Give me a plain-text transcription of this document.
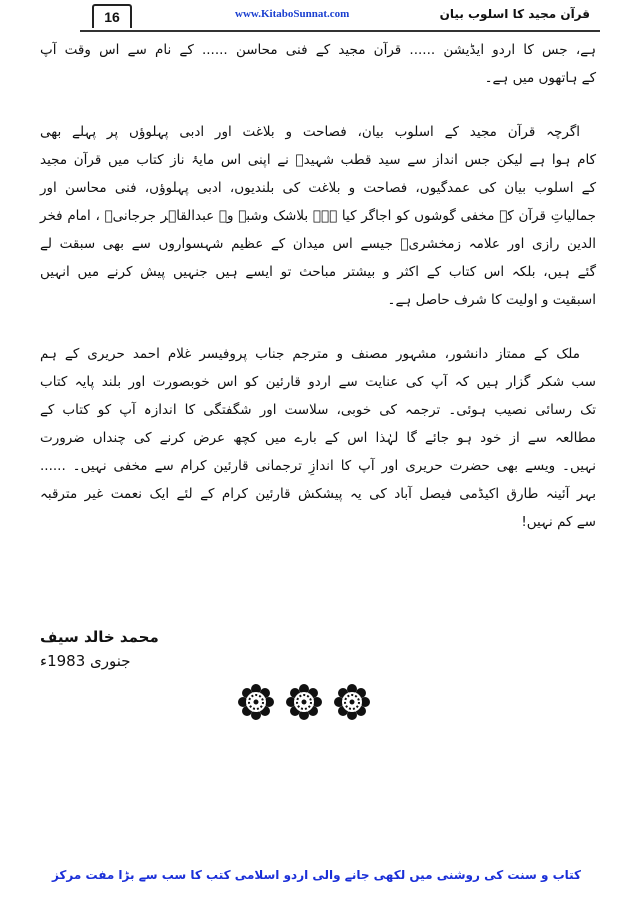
16	www.KitaboSunnat.com	قرآن مجید کا اسلوب بیان
ہے، جس کا اردو ایڈیشن ...... قرآن مجید کے فنی محاسن ...... کے نام سے اس وقت آپ
کے ہاتھوں میں ہے۔
اگرچہ قرآن مجید کے اسلوب بیان، فصاحت و بلاغت اور ادبی پہلوؤں پر پہلے بھی
کام ہوا ہے لیکن جس انداز سے سید قطب شہیدؒ نے اپنی اس مایۂ ناز کتاب میں قرآن مجید
کے اسلوب بیان کی عمدگیوں، فصاحت و بلاغت کی بلندیوں، ادبی پہلوؤں، فنی محاسن اور
جمالیاتِ قرآن کے مخفی گوشوں کو اجاگر کیا ہے۔ بلاشک وشبہ وہ عبدالقاہر جرجانیؒ ، امام فخر
الدین رازی اور علامہ زمخشریؒ جیسے اس میدان کے عظیم شہسواروں سے بھی سبقت لے
گئے ہیں، بلکہ اس کتاب کے اکثر و بیشتر مباحث تو ایسے ہیں جنہیں پیش کرنے میں انہیں
اسبقیت و اولیت کا شرف حاصل ہے۔
ملک کے ممتاز دانشور، مشہور مصنف و مترجم جناب پروفیسر غلام احمد حریری کے ہم
سب شکر گزار ہیں کہ آپ کی عنایت سے اردو قارئین کو اس خوبصورت اور بلند پایہ کتاب
تک رسائی نصیب ہوئی۔ ترجمہ کی خوبی، سلاست اور شگفتگی کا اندازہ آپ کو کتاب کے
مطالعہ سے از خود ہو جائے گا لہٰذا اس کے بارے میں کچھ عرض کرنے کی چنداں ضرورت
نہیں۔ ویسے بھی حضرت حریری اور آپ کا اندازِ ترجمانی قارئین کرام سے مخفی نہیں۔ ......
بہر آئینہ طارق اکیڈمی فیصل آباد کی یہ پیشکش قارئین کرام کے لئے ایک نعمت غیر مترقبہ
سے کم نہیں!
محمد خالد سیف
جنوری 1983ء
کتاب و سنت کی روشنی میں لکھی جانے والی اردو اسلامی کتب کا سب سے بڑا مفت مرکز
